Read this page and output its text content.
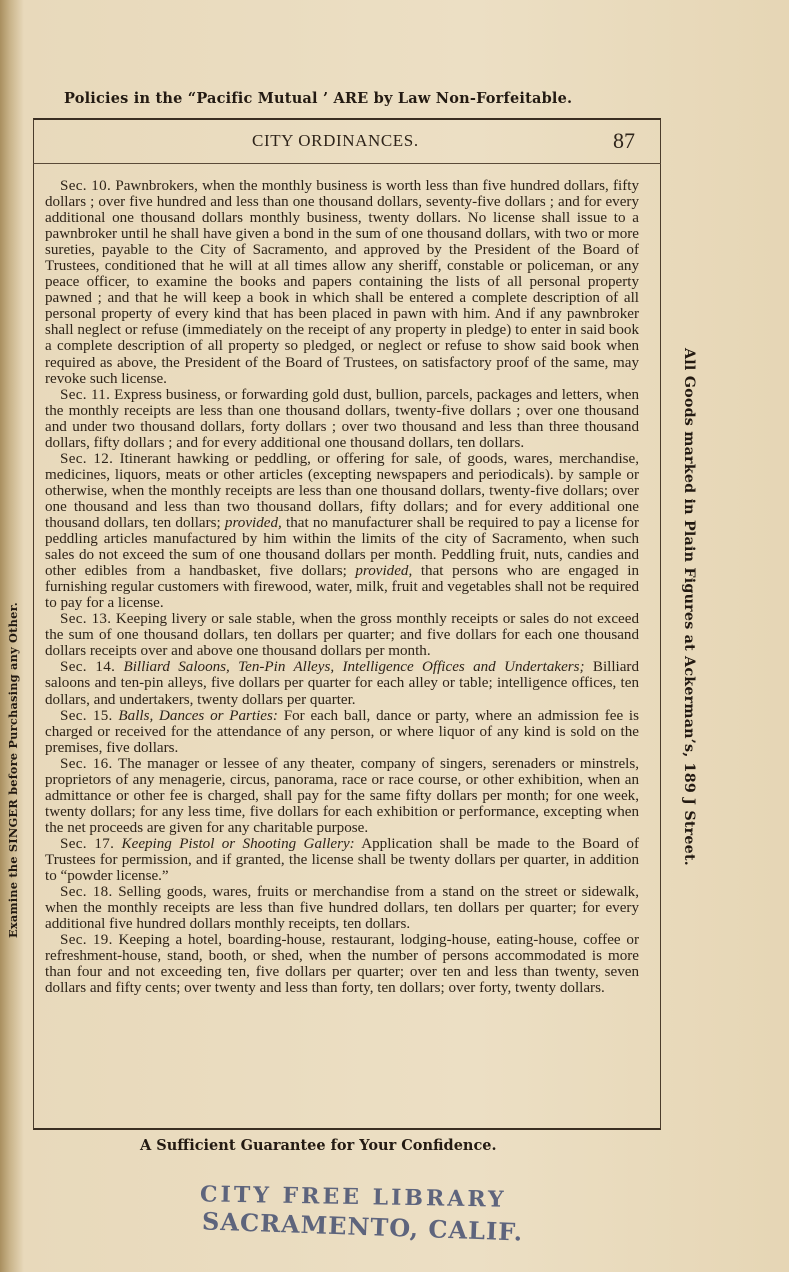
Policies in the “Pacific Mutual ’ ARE by Law Non-Forfeitable.
CITY ORDINANCES.	87

Sec. 10. Pawnbrokers, when the monthly business is worth less than five hundred dollars, fifty dollars ; over five hundred and less than one thousand dollars, seventy-five dollars ; and for every additional one thousand dollars monthly business, twenty dollars. No license shall issue to a pawnbroker until he shall have given a bond in the sum of one thousand dollars, with two or more sureties, payable to the City of Sacramento, and approved by the President of the Board of Trustees, conditioned that he will at all times allow any sheriff, constable or policeman, or any peace officer, to examine the books and papers containing the lists of all personal property pawned ; and that he will keep a book in which shall be entered a complete description of all personal property of every kind that has been placed in pawn with him. And if any pawnbroker shall neglect or refuse (immediately on the receipt of any property in pledge) to enter in said book a complete description of all property so pledged, or neglect or refuse to show said book when required as above, the President of the Board of Trustees, on satisfactory proof of the same, may revoke such license.

Sec. 11. Express business, or forwarding gold dust, bullion, parcels, packages and letters, when the monthly receipts are less than one thousand dollars, twenty-five dollars ; over one thousand and under two thousand dollars, forty dollars ; over two thousand and less than three thousand dollars, fifty dollars ; and for every additional one thousand dollars, ten dollars.

Sec. 12. Itinerant hawking or peddling, or offering for sale, of goods, wares, merchandise, medicines, liquors, meats or other articles (excepting newspapers and periodicals). by sample or otherwise, when the monthly receipts are less than one thousand dollars, twenty-five dollars; over one thousand and less than two thousand dollars, fifty dollars; and for every additional one thousand dollars, ten dollars; provided, that no manufacturer shall be required to pay a license for peddling articles manufactured by him within the limits of the city of Sacramento, when such sales do not exceed the sum of one thousand dollars per month. Peddling fruit, nuts, candies and other edibles from a handbasket, five dollars; provided, that persons who are engaged in furnishing regular customers with firewood, water, milk, fruit and vegetables shall not be required to pay for a license.

Sec. 13. Keeping livery or sale stable, when the gross monthly receipts or sales do not exceed the sum of one thousand dollars, ten dollars per quarter; and five dollars for each one thousand dollars receipts over and above one thousand dollars per month.

Sec. 14. Billiard Saloons, Ten-Pin Alleys, Intelligence Offices and Undertakers; Billiard saloons and ten-pin alleys, five dollars per quarter for each alley or table; intelligence offices, ten dollars, and undertakers, twenty dollars per quarter.

Sec. 15. Balls, Dances or Parties: For each ball, dance or party, where an admission fee is charged or received for the attendance of any person, or where liquor of any kind is sold on the premises, five dollars.

Sec. 16. The manager or lessee of any theater, company of singers, serenaders or minstrels, proprietors of any menagerie, circus, panorama, race or race course, or other exhibition, when an admittance or other fee is charged, shall pay for the same fifty dollars per month; for one week, twenty dollars; for any less time, five dollars for each exhibition or performance, excepting when the net proceeds are given for any charitable purpose.

Sec. 17. Keeping Pistol or Shooting Gallery: Application shall be made to the Board of Trustees for permission, and if granted, the license shall be twenty dollars per quarter, in addition to “powder license.”

Sec. 18. Selling goods, wares, fruits or merchandise from a stand on the street or sidewalk, when the monthly receipts are less than five hundred dollars, ten dollars per quarter; for every additional five hundred dollars monthly receipts, ten dollars.

Sec. 19. Keeping a hotel, boarding-house, restaurant, lodging-house, eating-house, coffee or refreshment-house, stand, booth, or shed, when the number of persons accommodated is more than four and not exceeding ten, five dollars per quarter; over ten and less than twenty, seven dollars and fifty cents; over twenty and less than forty, ten dollars; over forty, twenty dollars.

All Goods marked in Plain Figures at Ackerman’s, 189 J Street.
Examine the SINGER before Purchasing any Other.
A Sufficient Guarantee for Your Confidence.
CITY FREE LIBRARY
SACRAMENTO, CALIF.
